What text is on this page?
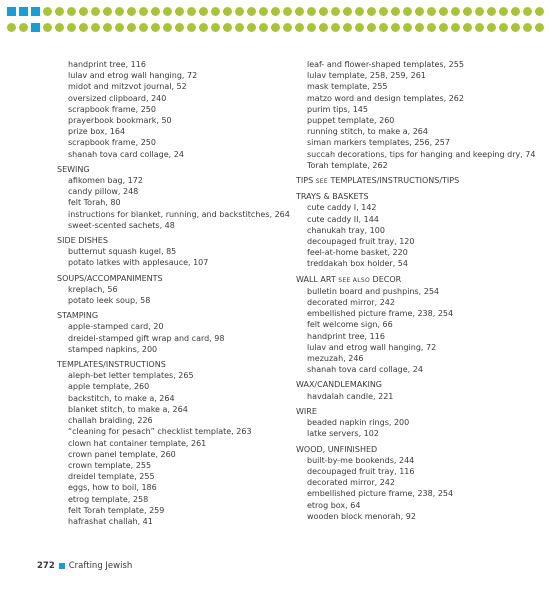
handprint tree, 116
lulav and etrog wall hanging, 72
midot and mitzvot journal, 52
oversized clipboard, 240
scrapbook frame, 250
prayerbook bookmark, 50
prize box, 164
scrapbook frame, 250
shanah tova card collage, 24
SEWING
afikomen bag, 172
candy pillow, 248
felt Torah, 80
instructions for blanket, running, and backstitches, 264
sweet-scented sachets, 48
SIDE DISHES
butternut squash kugel, 85
potato latkes with applesauce, 107
SOUPS/ACCOMPANIMENTS
kreplach, 56
potato leek soup, 58
STAMPING
apple-stamped card, 20
dreidel-stamped gift wrap and card, 98
stamped napkins, 200
TEMPLATES/INSTRUCTIONS
aleph-bet letter templates, 265
apple template, 260
backstitch, to make a, 264
blanket stitch, to make a, 264
challah braiding, 226
“cleaning for pesach” checklist template, 263
clown hat container template, 261
crown panel template, 260
crown template, 255
dreidel template, 255
eggs, how to boil, 186
etrog template, 258
felt Torah template, 259
hafrashat challah, 41
leaf- and flower-shaped templates, 255
lulav template, 258, 259, 261
mask template, 255
matzo word and design templates, 262
purim tips, 145
puppet template, 260
running stitch, to make a, 264
siman markers templates, 256, 257
succah decorations, tips for hanging and keeping dry, 74
Torah template, 262
TIPS SEE TEMPLATES/INSTRUCTIONS/TIPS
TRAYS & BASKETS
cute caddy I, 142
cute caddy II, 144
chanukah tray, 100
decoupaged fruit tray, 120
feel-at-home basket, 220
treddakah box holder, 54
WALL ART SEE ALSO DECOR
bulletin board and pushpins, 254
decorated mirror, 242
embellished picture frame, 238, 254
felt welcome sign, 66
handprint tree, 116
lulav and etrog wall hanging, 72
mezuzah, 246
shanah tova card collage, 24
WAX/CANDLEMAKING
havdalah candle, 221
WIRE
beaded napkin rings, 200
latke servers, 102
WOOD, UNFINISHED
built-by-me bookends, 244
decoupaged fruit tray, 116
decorated mirror, 242
embellished picture frame, 238, 254
etrog box, 64
wooden block menorah, 92
272 Crafting Jewish
